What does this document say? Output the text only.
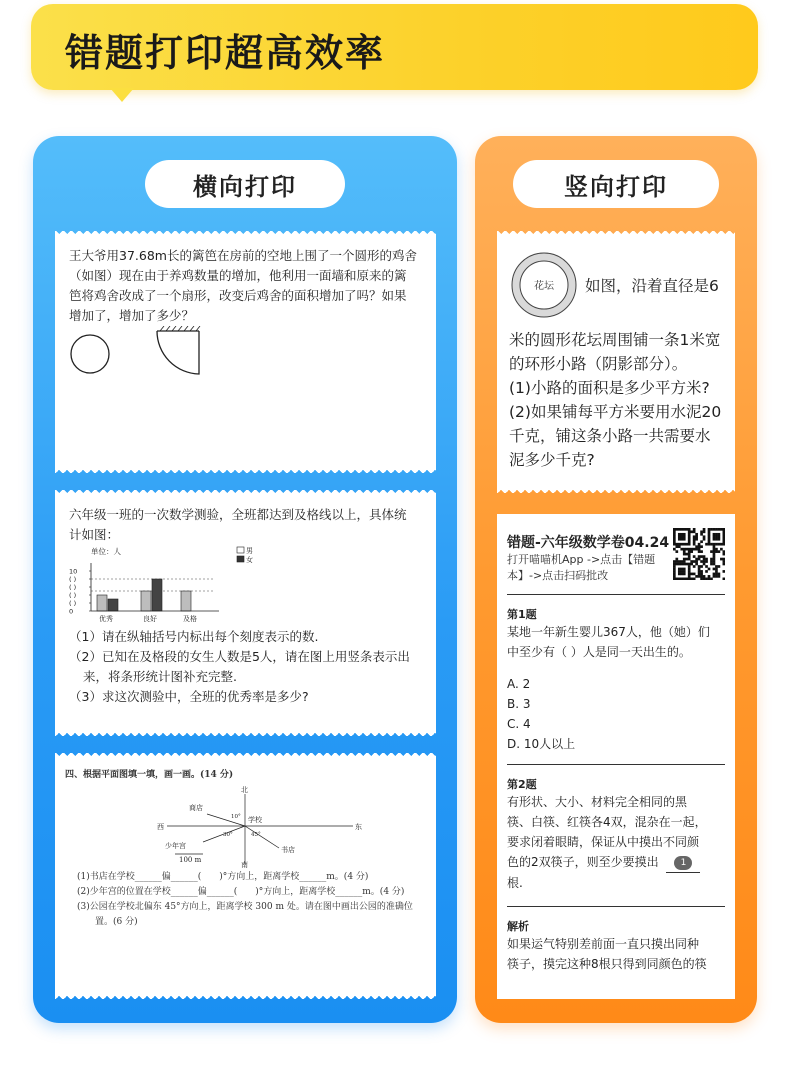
错题打印超高效率
横向打印
王大爷用37.68m长的篱笆在房前的空地上围了一个圆形的鸡舍
（如图）现在由于养鸡数量的增加，他利用一面墙和原来的篱
笆将鸡舍改成了一个扇形，改变后鸡舍的面积增加了吗？如果
增加了，增加了多少？
六年级一班的一次数学测验，全班都达到及格线以上，具体统
计如图：
单位：人	男
女
10
( )
( )
( )
( )
0
优秀	良好	及格
（1）请在纵轴括号内标出每个刻度表示的数.
（2）已知在及格段的女生人数是5人，请在图上用竖条表示出
来，将条形统计图补充完整.
（3）求这次测验中，全班的优秀率是多少?
四、根据平面图填一填，画一画。(14 分)
北
南
东
西
学校
商店
少年宫	书店
100 m
10°
30°	45°
(1)书店在学校______偏______(　　)°方向上，距离学校______m。(4 分)
(2)少年宫的位置在学校______偏______(　　)°方向上，距离学校______m。(4 分)
(3)公园在学校北偏东 45°方向上，距离学校 300 m 处。请在图中画出公园的准确位
置。(6 分)
竖向打印
花坛 如图，沿着直径是6
米的圆形花坛周围铺一条1米宽
的环形小路（阴影部分）。
(1)小路的面积是多少平方米?
(2)如果铺每平方米要用水泥20
千克，铺这条小路一共需要水
泥多少千克?
错题-六年级数学卷04.24
打开喵喵机App ->点击【错题
本】->点击扫码批改
第1题
某地一年新生婴儿367人，他（她）们
中至少有（ ）人是同一天出生的。
A. 2
B. 3
C. 4
D. 10人以上
第2题
有形状、大小、材料完全相同的黑
筷、白筷、红筷各4双，混杂在一起，
要求闭着眼睛，保证从中摸出不同颜
色的2双筷子，则至少要摸出 1
根.
解析
如果运气特别差前面一直只摸出同种
筷子，摸完这种8根只得到同颜色的筷
